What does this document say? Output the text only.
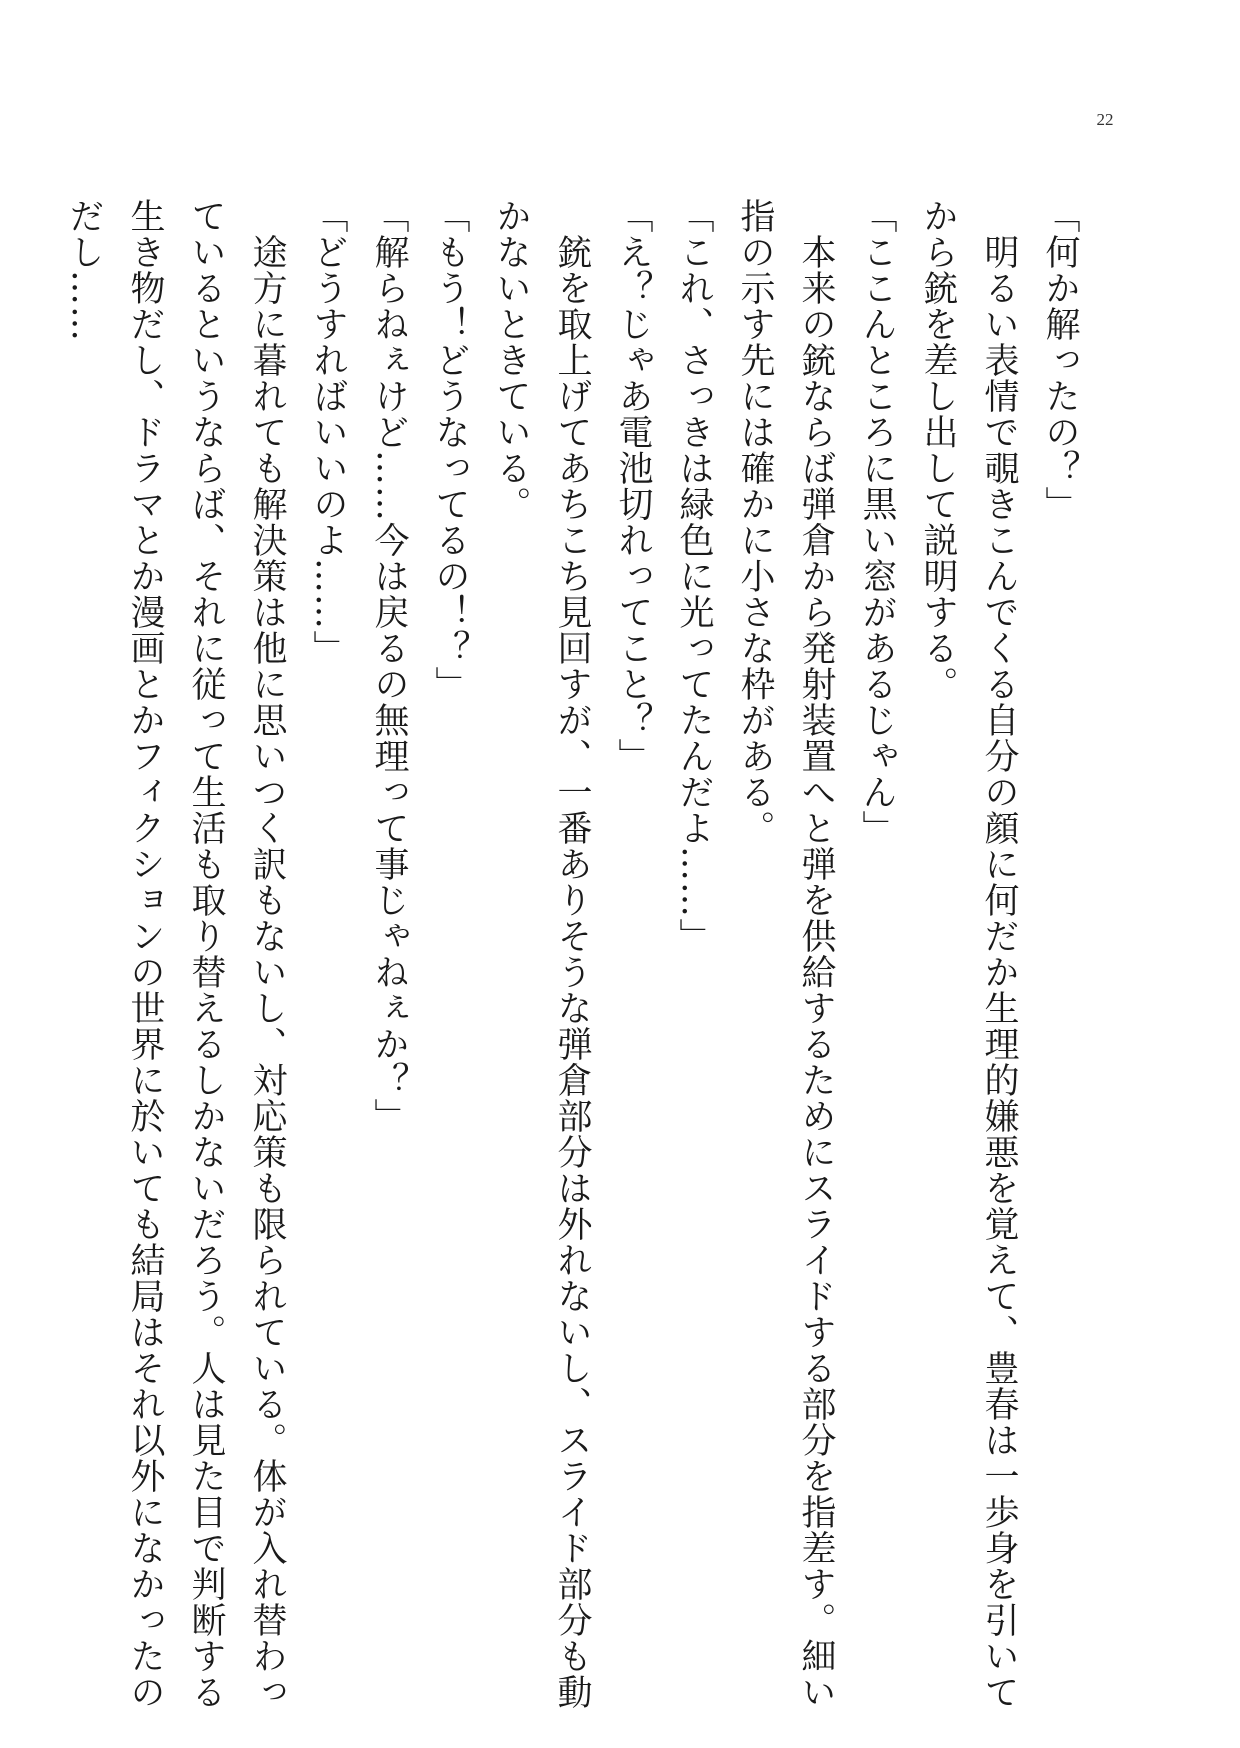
22
「何か解ったの？」
　明るい表情で覗きこんでくる自分の顔に何だか生理的嫌悪を覚えて、豊春は一歩身を引いて
から銃を差し出して説明する。
「ここんところに黒い窓があるじゃん」
　本来の銃ならば弾倉から発射装置へと弾を供給するためにスライドする部分を指差す。細い
指の示す先には確かに小さな枠がある。
「これ、さっきは緑色に光ってたんだよ……」
「え？じゃあ電池切れってこと？」
　銃を取上げてあちこち見回すが、一番ありそうな弾倉部分は外れないし、スライド部分も動
かないときている。
「もう！どうなってるの！？」
「解らねぇけど……今は戻るの無理って事じゃねぇか？」
「どうすればいいのよ……」
　途方に暮れても解決策は他に思いつく訳もないし、対応策も限られている。体が入れ替わっ
ているというならば、それに従って生活も取り替えるしかないだろう。人は見た目で判断する
生き物だし、ドラマとか漫画とかフィクションの世界に於いても結局はそれ以外になかったの
だし……
